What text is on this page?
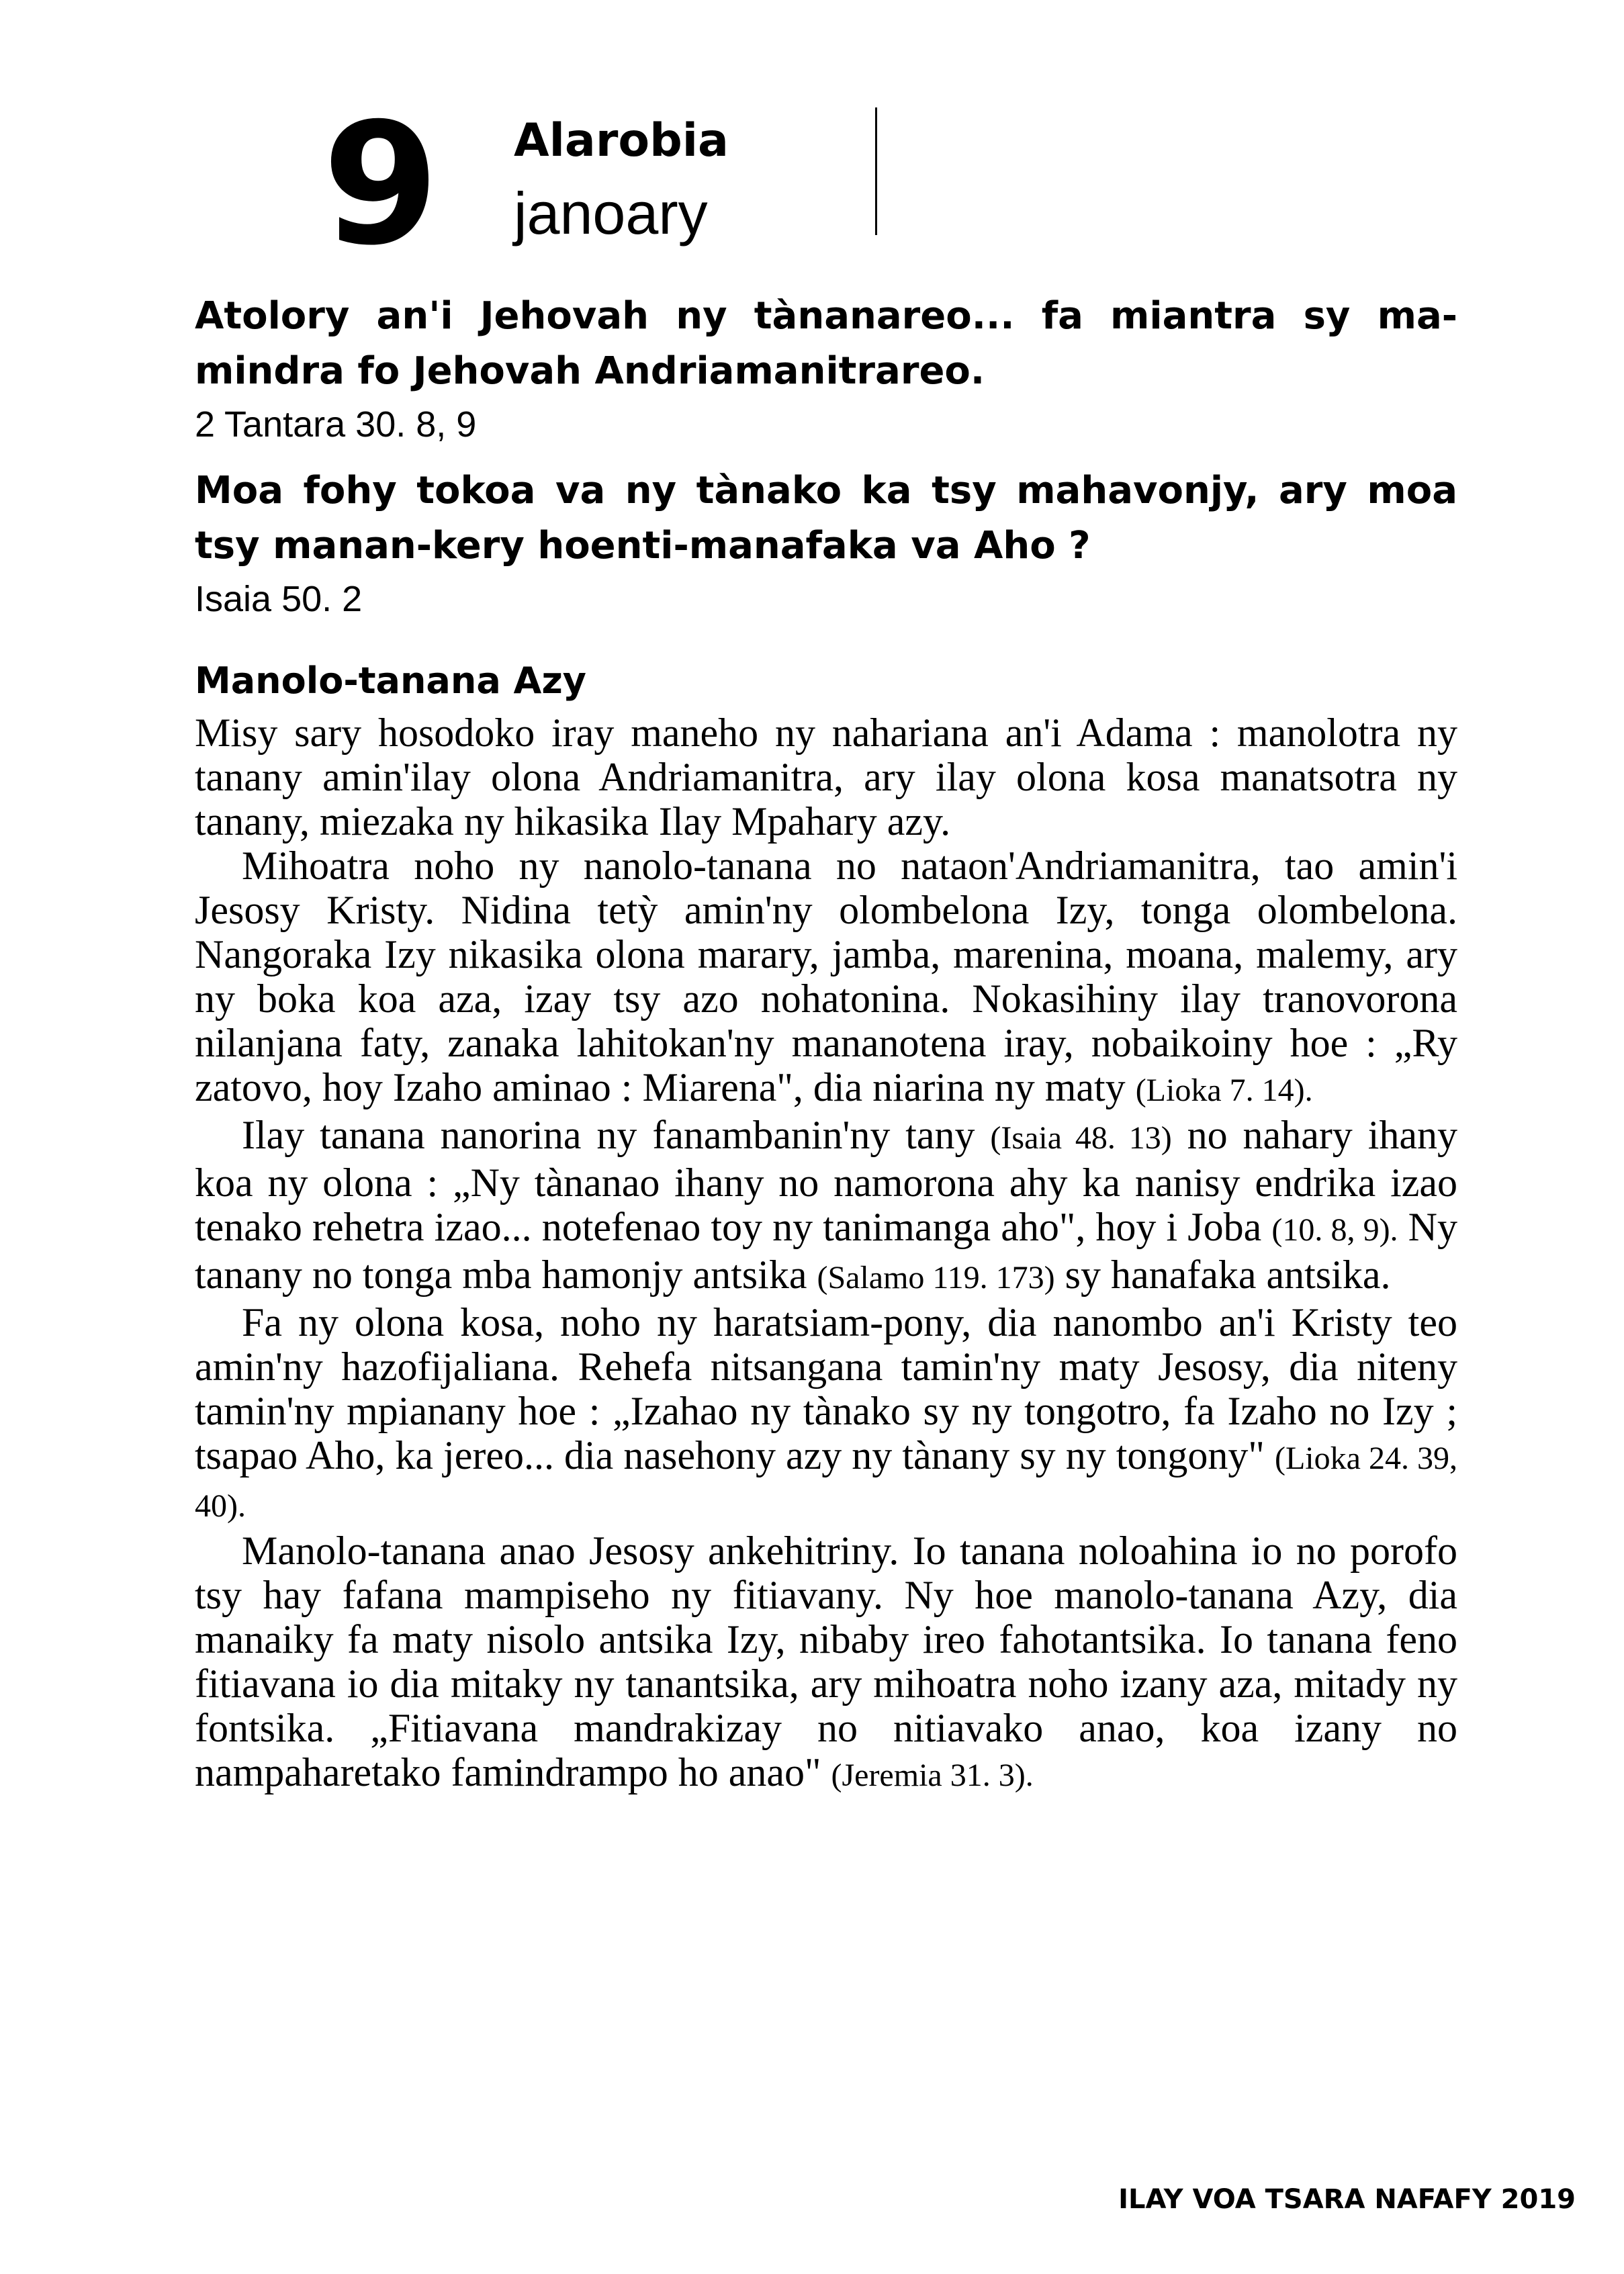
9 Alarobia
janoary

Atolory an'i Jehovah ny tànanareo... fa miantra sy mamindra fo Jehovah Andriamanitrareo.

2 Tantara 30. 8, 9

Moa fohy tokoa va ny tànako ka tsy mahavonjy, ary moa tsy manan-kery hoenti-manafaka va Aho ?

Isaia 50. 2

Manolo-tanana Azy

Misy sary hosodoko iray maneho ny nahariana an'i Adama : manolotra ny tanany amin'ilay olona Andriamanitra, ary ilay olona kosa manatsotra ny tanany, miezaka ny hikasika Ilay Mpahary azy.

Mihoatra noho ny nanolo-tanana no nataon'Andriamanitra, tao amin'i Jesosy Kristy. Nidina tetỳ amin'ny olombelona Izy, tonga olombelona. Nangoraka Izy nikasika olona marary, jamba, marenina, moana, malemy, ary ny boka koa aza, izay tsy azo nohatonina. Nokasihiny ilay tranovorona nilanjana faty, zanaka lahitokan'ny mananotena iray, nobaikoiny hoe : „Ry zatovo, hoy Izaho aminao : Miarena", dia niarina ny maty (Lioka 7. 14).

Ilay tanana nanorina ny fanambanin'ny tany (Isaia 48. 13) no nahary ihany koa ny olona : „Ny tànanao ihany no namorona ahy ka nanisy endrika izao tenako rehetra izao... notefenao toy ny tanimanga aho", hoy i Joba (10. 8, 9). Ny tanany no tonga mba hamonjy antsika (Salamo 119. 173) sy hanafaka antsika.

Fa ny olona kosa, noho ny haratsiam-pony, dia nanombo an'i Kristy teo amin'ny hazofijaliana. Rehefa nitsangana tamin'ny maty Jesosy, dia niteny tamin'ny mpianany hoe : „Izahao ny tànako sy ny tongotro, fa Izaho no Izy ; tsapao Aho, ka jereo... dia nasehony azy ny tànany sy ny tongony" (Lioka 24. 39, 40).

Manolo-tanana anao Jesosy ankehitriny. Io tanana noloahina io no porofo tsy hay fafana mampiseho ny fitiavany. Ny hoe manolo-tanana Azy, dia manaiky fa maty nisolo antsika Izy, nibaby ireo fahotantsika. Io tanana feno fitiavana io dia mitaky ny tanantsika, ary mihoatra noho izany aza, mitady ny fontsika. „Fitiavana mandrakizay no nitiavako anao, koa izany no nampaharetako famindrampo ho anao" (Jeremia 31. 3).

ILAY VOA TSARA NAFAFY 2019
